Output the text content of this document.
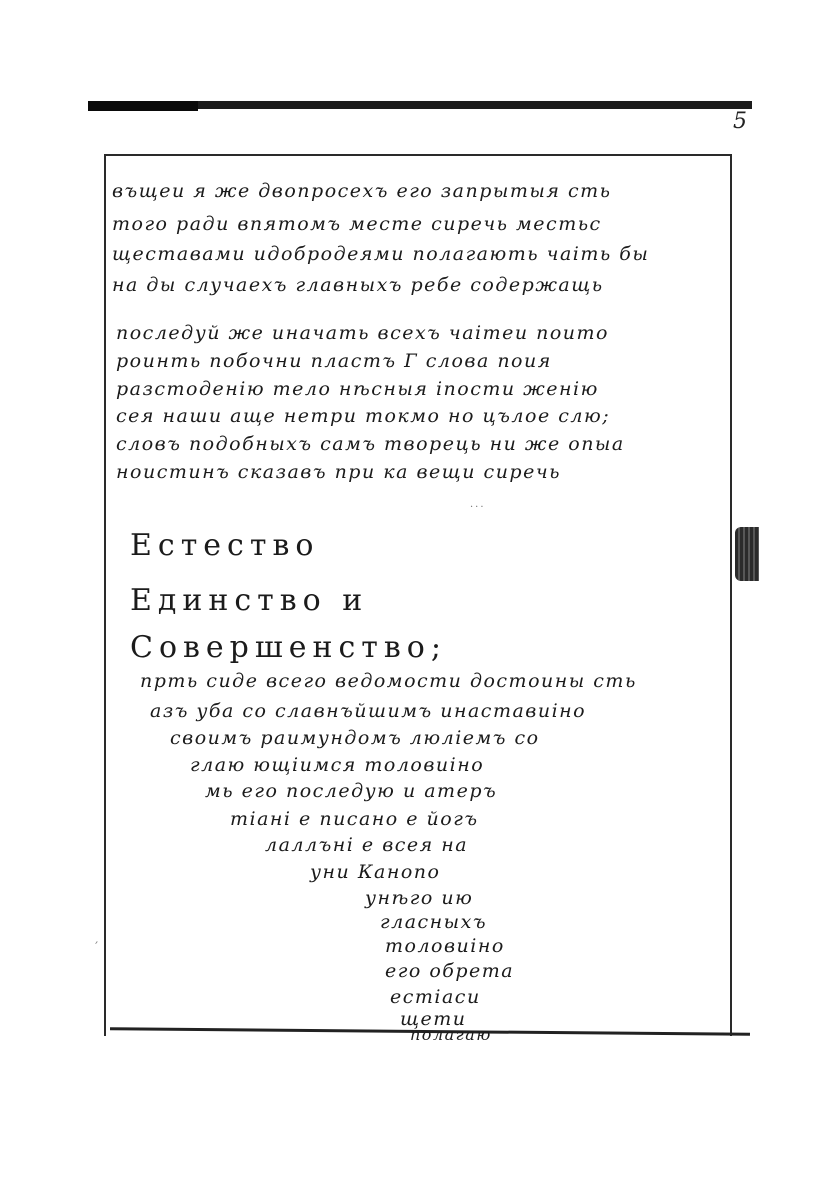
5
′
въщеи я же двопросехъ его запрытыя сть
того ради впятомъ месте сиречь местьс
щеставами идобродеями полагають чаіть бы
на ды случаехъ главныхъ ребе содержащь
последуй же иначать всехъ чаітеи поито
роинть побочни пластъ Г слова поия
разстоденію тело нѣсныя іпости женію
сея наши аще нетри токмо но цълое слю;
словъ подобныхъ самъ творець ни же опыа
ноистинъ сказавъ при ка вещи сиречь
···
Естество
Единство и
Совершенство;
прть сиде всего ведомости достоины сть
азъ уба со славнъйшимъ инаставиіно
своимъ раимундомъ люліемъ со
глаю ющіимся толовиіно
мь его последую и атеръ
тіані е писано е йогъ
лаллъні е всея на
уни Канопо
унѣго ию
гласныхъ
толовиіно
его обрета
естіаси
щети
полагаю
